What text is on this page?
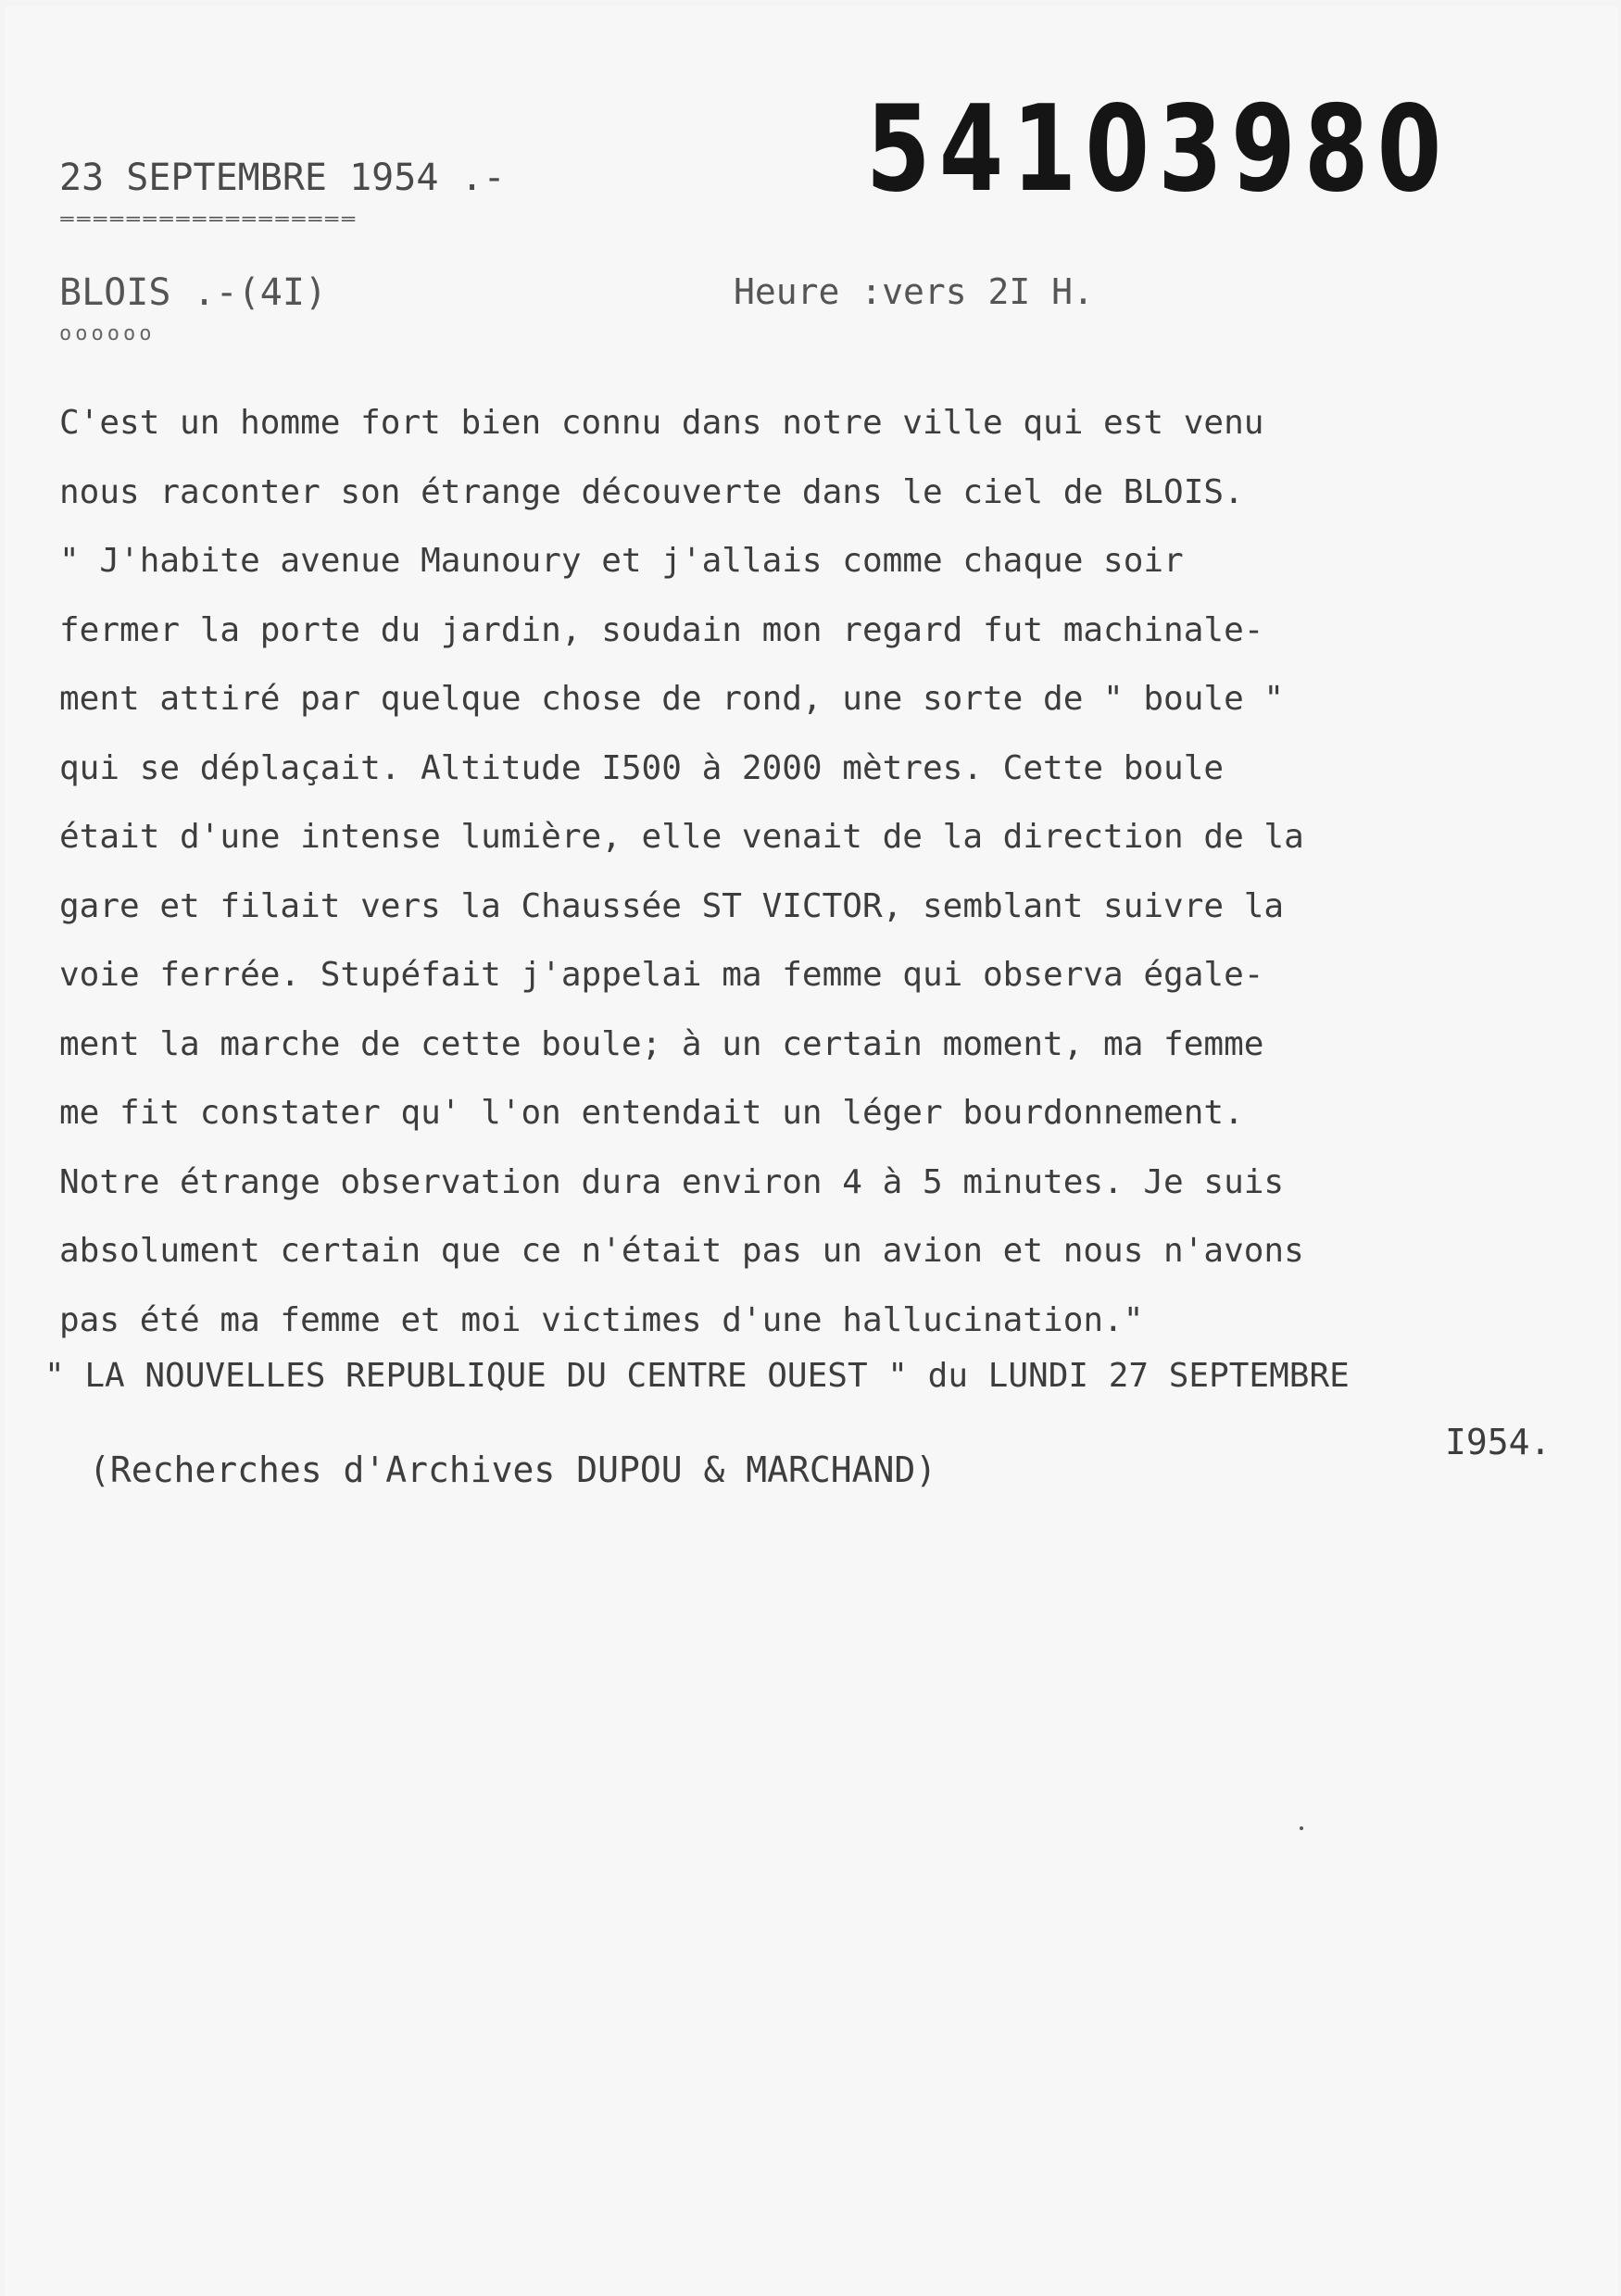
54103980
23 SEPTEMBRE 1954 .-
==================
BLOIS .-(4I)	Heure :vers 2I H.
oooooo
C'est un homme fort bien connu dans notre ville qui est venu
nous raconter son étrange découverte dans le ciel de BLOIS.
" J'habite avenue Maunoury et j'allais comme chaque soir
fermer la porte du jardin, soudain mon regard fut machinale-
ment attiré par quelque chose de rond, une sorte de " boule "
qui se déplaçait. Altitude I500 à 2000 mètres. Cette boule
était d'une intense lumière, elle venait de la direction de la
gare et filait vers la Chaussée ST VICTOR, semblant suivre la
voie ferrée. Stupéfait j'appelai ma femme qui observa égale-
ment la marche de cette boule; à un certain moment, ma femme
me fit constater qu' l'on entendait un léger bourdonnement.
Notre étrange observation dura environ 4 à 5 minutes. Je suis
absolument certain que ce n'était pas un avion et nous n'avons
pas été ma femme et moi victimes d'une hallucination."
" LA NOUVELLES REPUBLIQUE DU CENTRE OUEST " du LUNDI 27 SEPTEMBRE
I954.
(Recherches d'Archives DUPOU & MARCHAND)
